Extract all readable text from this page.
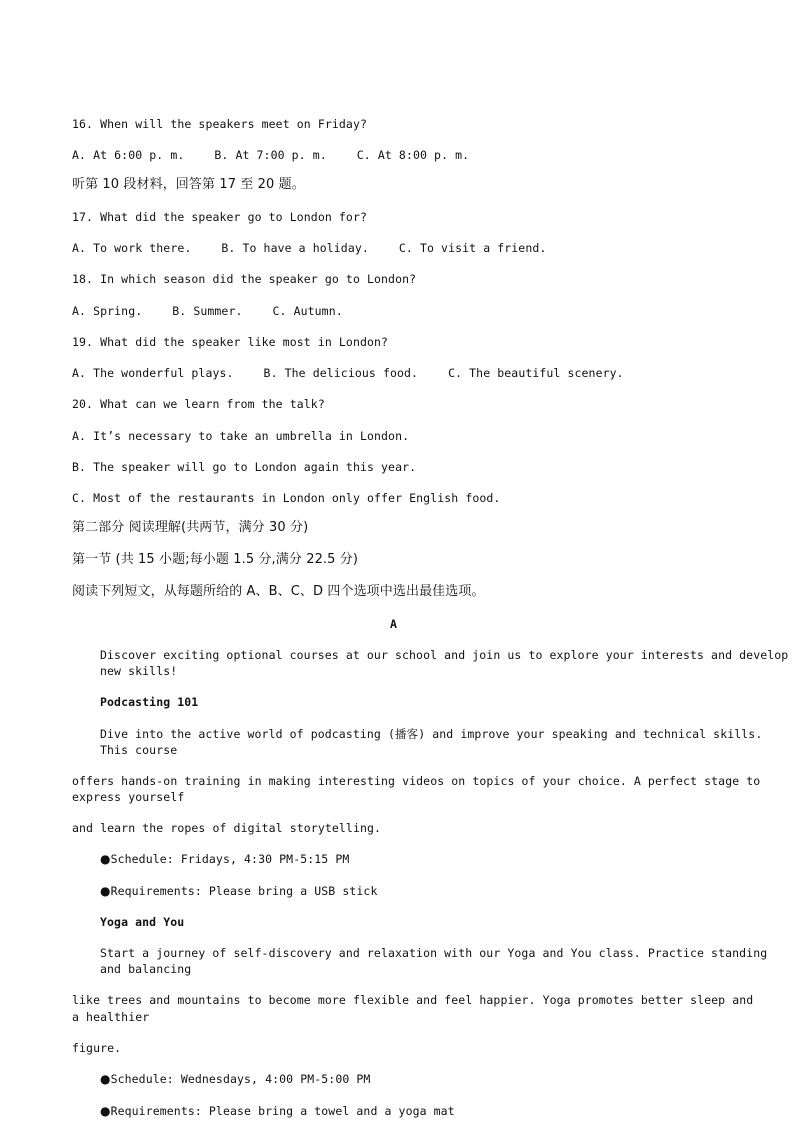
16. When will the speakers meet on Friday?
A. At 6:00 p. m.	B. At 7:00 p. m.	C. At 8:00 p. m.
听第 10 段材料，回答第 17 至 20 题。
17. What did the speaker go to London for?
A. To work there.	B. To have a holiday.	C. To visit a friend.
18. In which season did the speaker go to London?
A. Spring.	B. Summer.	C. Autumn.
19. What did the speaker like most in London?
A. The wonderful plays.	B. The delicious food.	C. The beautiful scenery.
20. What can we learn from the talk?
A. It’s necessary to take an umbrella in London.
B. The speaker will go to London again this year.
C. Most of the restaurants in London only offer English food.
第二部分 阅读理解(共两节，满分 30 分)
第一节 (共 15 小题;每小题 1.5 分,满分 22.5 分)
阅读下列短文，从每题所给的 A、B、C、D 四个选项中选出最佳选项。
A
Discover exciting optional courses at our school and join us to explore your interests and develop
new skills!
Podcasting 101
Dive into the active world of podcasting (播客) and improve your speaking and technical skills.
This course
offers hands-on training in making interesting videos on topics of your choice. A perfect stage to
express yourself
and learn the ropes of digital storytelling.
●Schedule: Fridays, 4:30 PM-5:15 PM
●Requirements: Please bring a USB stick
Yoga and You
Start a journey of self-discovery and relaxation with our Yoga and You class. Practice standing
and balancing
like trees and mountains to become more flexible and feel happier. Yoga promotes better sleep and
a healthier
figure.
●Schedule: Wednesdays, 4:00 PM-5:00 PM
●Requirements: Please bring a towel and a yoga mat
